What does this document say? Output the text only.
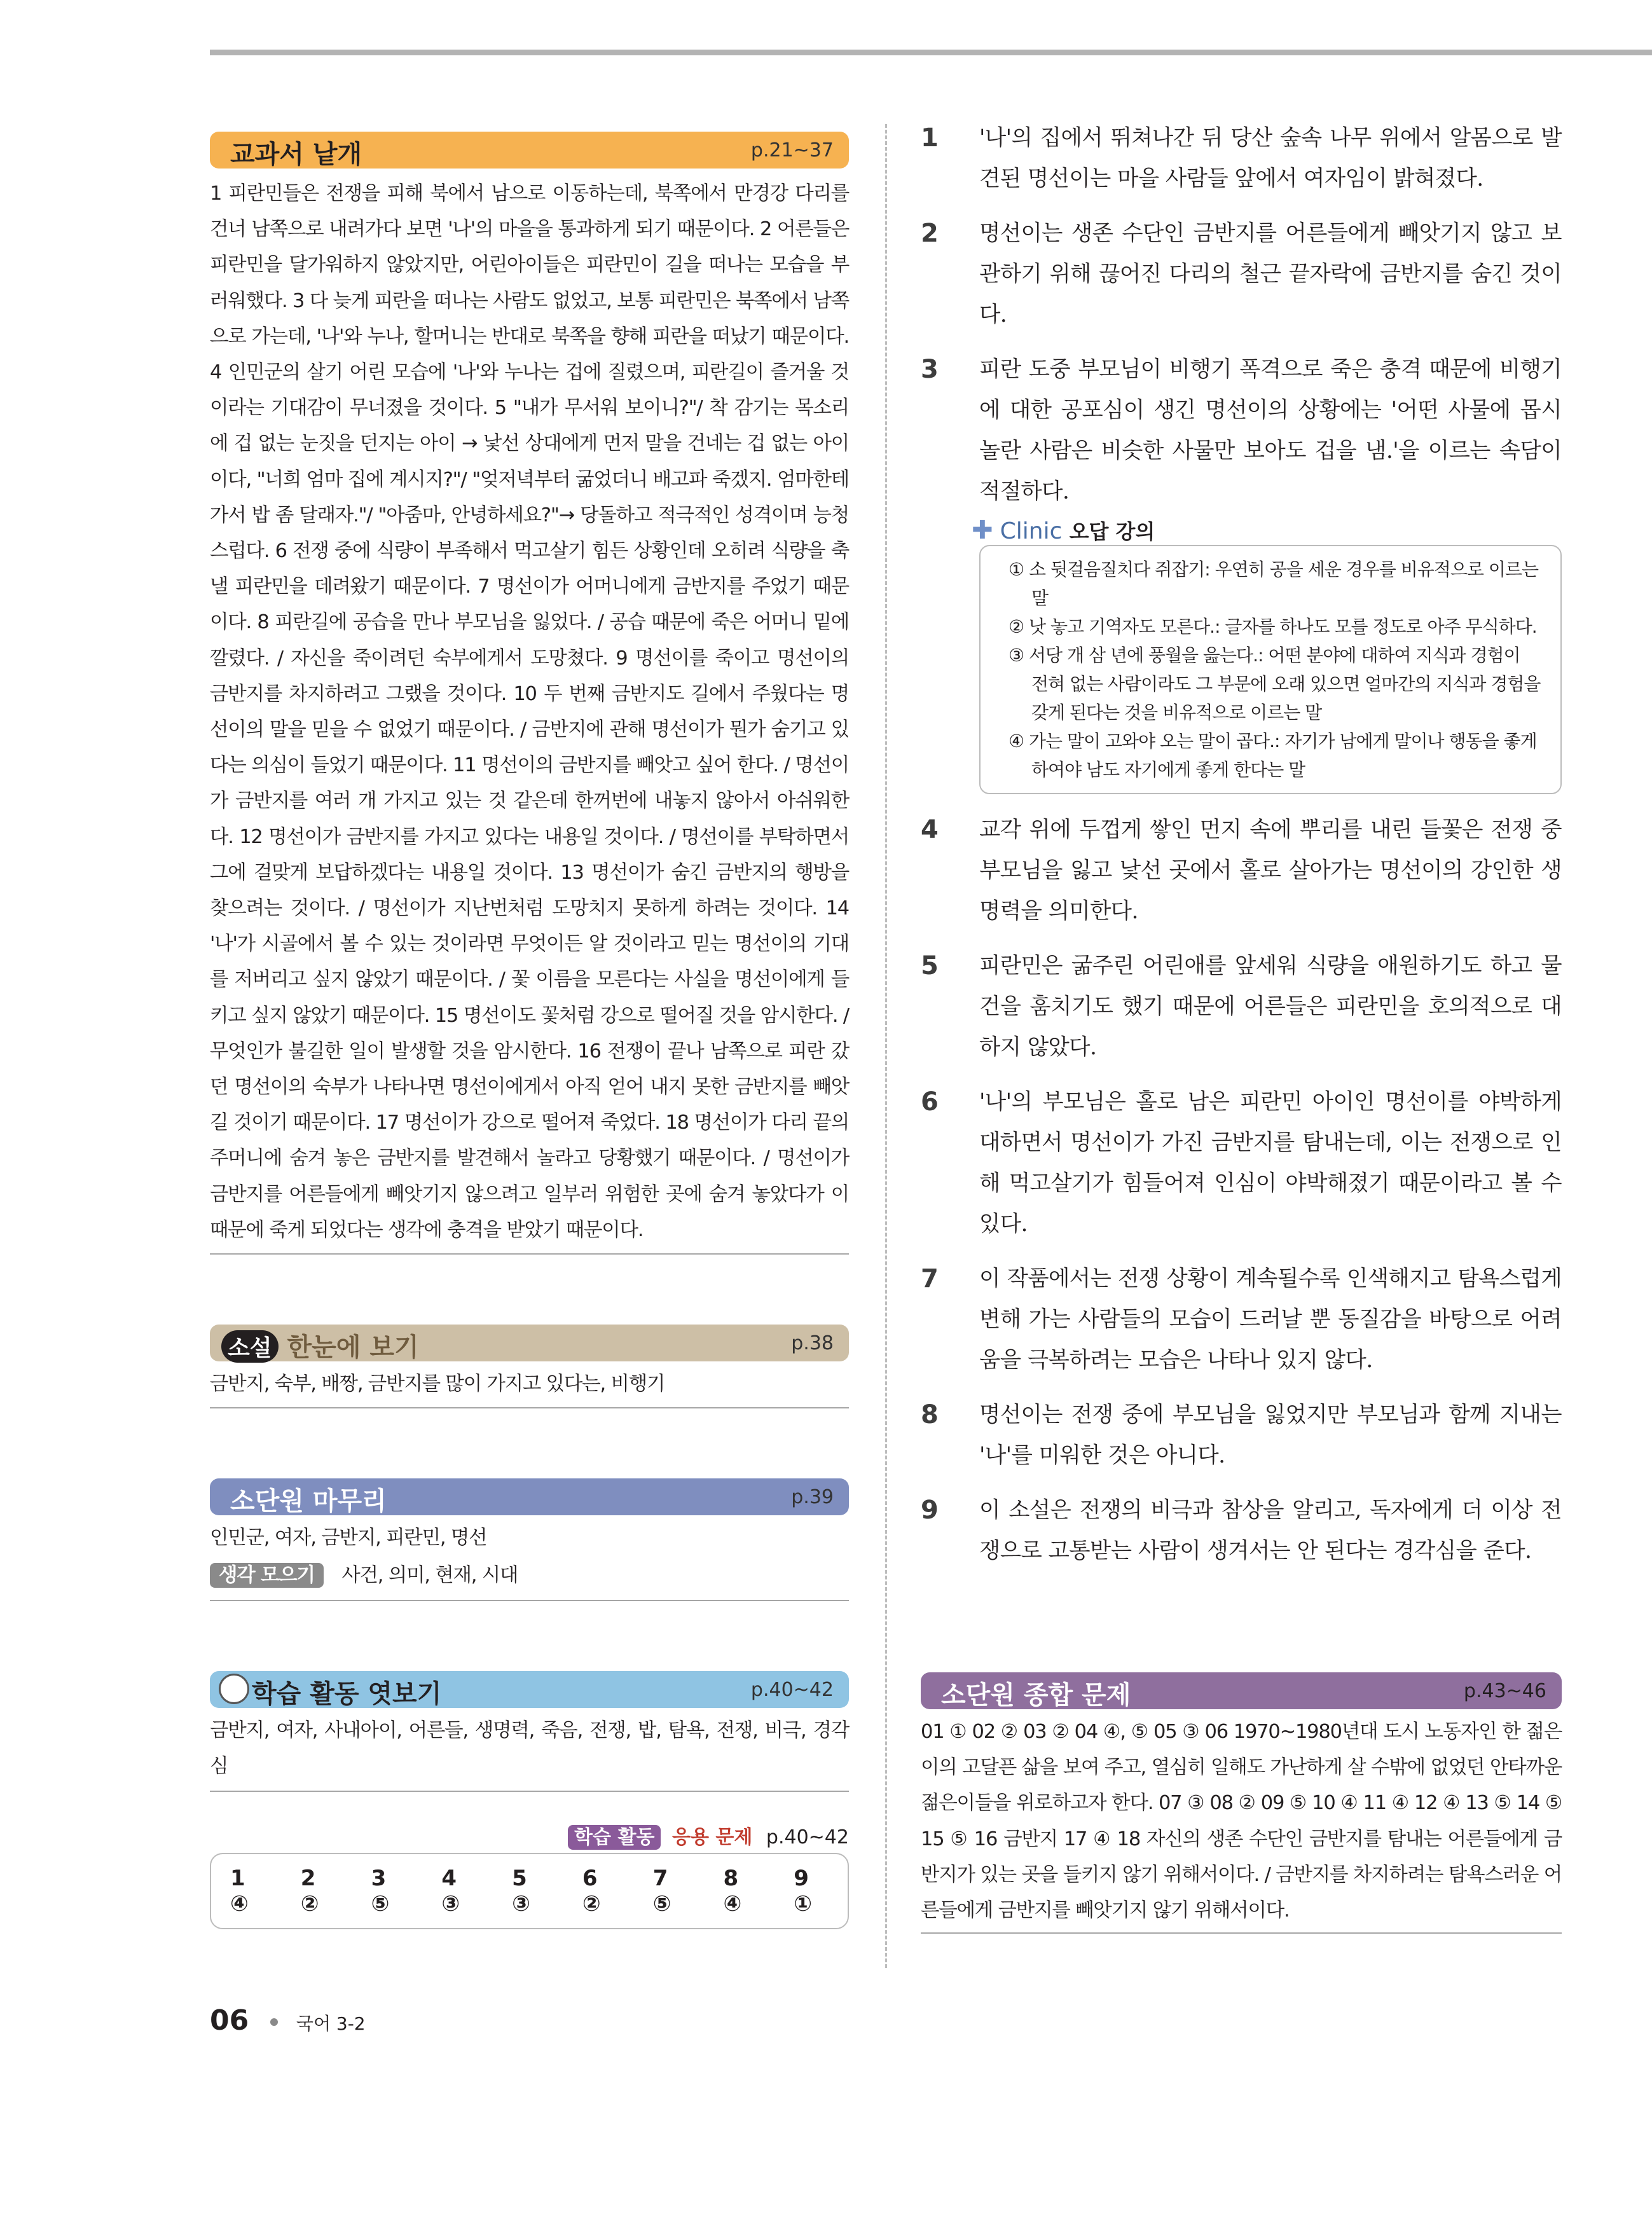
교과서 낱개	p.21~37
1 피란민들은 전쟁을 피해 북에서 남으로 이동하는데, 북쪽에서 만경강 다리를 건너 남쪽으로 내려가다 보면 '나'의 마을을 통과하게 되기 때문이다. 2 어른들은 피란민을 달가워하지 않았지만, 어린아이들은 피란민이 길을 떠나는 모습을 부러워했다. 3 다 늦게 피란을 떠나는 사람도 없었고, 보통 피란민은 북쪽에서 남쪽으로 가는데, '나'와 누나, 할머니는 반대로 북쪽을 향해 피란을 떠났기 때문이다. 4 인민군의 살기 어린 모습에 '나'와 누나는 겁에 질렸으며, 피란길이 즐거울 것이라는 기대감이 무너졌을 것이다. 5 "내가 무서워 보이니?"/ 착 감기는 목소리에 겁 없는 눈짓을 던지는 아이 → 낯선 상대에게 먼저 말을 건네는 겁 없는 아이이다, "너희 엄마 집에 계시지?"/ "엊저녁부터 굶었더니 배고파 죽겠지. 엄마한테 가서 밥 좀 달래자."/ "아줌마, 안녕하세요?"→ 당돌하고 적극적인 성격이며 능청스럽다. 6 전쟁 중에 식량이 부족해서 먹고살기 힘든 상황인데 오히려 식량을 축낼 피란민을 데려왔기 때문이다. 7 명선이가 어머니에게 금반지를 주었기 때문이다. 8 피란길에 공습을 만나 부모님을 잃었다. / 공습 때문에 죽은 어머니 밑에 깔렸다. / 자신을 죽이려던 숙부에게서 도망쳤다. 9 명선이를 죽이고 명선이의 금반지를 차지하려고 그랬을 것이다. 10 두 번째 금반지도 길에서 주웠다는 명선이의 말을 믿을 수 없었기 때문이다. / 금반지에 관해 명선이가 뭔가 숨기고 있다는 의심이 들었기 때문이다. 11 명선이의 금반지를 빼앗고 싶어 한다. / 명선이가 금반지를 여러 개 가지고 있는 것 같은데 한꺼번에 내놓지 않아서 아쉬워한다. 12 명선이가 금반지를 가지고 있다는 내용일 것이다. / 명선이를 부탁하면서 그에 걸맞게 보답하겠다는 내용일 것이다. 13 명선이가 숨긴 금반지의 행방을 찾으려는 것이다. / 명선이가 지난번처럼 도망치지 못하게 하려는 것이다. 14 '나'가 시골에서 볼 수 있는 것이라면 무엇이든 알 것이라고 믿는 명선이의 기대를 저버리고 싶지 않았기 때문이다. / 꽃 이름을 모른다는 사실을 명선이에게 들키고 싶지 않았기 때문이다. 15 명선이도 꽃처럼 강으로 떨어질 것을 암시한다. / 무엇인가 불길한 일이 발생할 것을 암시한다. 16 전쟁이 끝나 남쪽으로 피란 갔던 명선이의 숙부가 나타나면 명선이에게서 아직 얻어 내지 못한 금반지를 빼앗길 것이기 때문이다. 17 명선이가 강으로 떨어져 죽었다. 18 명선이가 다리 끝의 주머니에 숨겨 놓은 금반지를 발견해서 놀라고 당황했기 때문이다. / 명선이가 금반지를 어른들에게 빼앗기지 않으려고 일부러 위험한 곳에 숨겨 놓았다가 이 때문에 죽게 되었다는 생각에 충격을 받았기 때문이다.
소설 한눈에 보기	p.38
금반지, 숙부, 배짱, 금반지를 많이 가지고 있다는, 비행기
소단원 마무리	p.39
인민군, 여자, 금반지, 피란민, 명선
생각 모으기 사건, 의미, 현재, 시대
학습 활동 엿보기	p.40~42
금반지, 여자, 사내아이, 어른들, 생명력, 죽음, 전쟁, 밥, 탐욕, 전쟁, 비극, 경각심
학습 활동 응용 문제 p.40~42
1 ④
2 ②
3 ⑤
4 ③
5 ③
6 ②
7 ⑤
8 ④
9 ①
1	'나'의 집에서 뛰쳐나간 뒤 당산 숲속 나무 위에서 알몸으로 발견된 명선이는 마을 사람들 앞에서 여자임이 밝혀졌다.
2	명선이는 생존 수단인 금반지를 어른들에게 빼앗기지 않고 보관하기 위해 끊어진 다리의 철근 끝자락에 금반지를 숨긴 것이다.
3	피란 도중 부모님이 비행기 폭격으로 죽은 충격 때문에 비행기에 대한 공포심이 생긴 명선이의 상황에는 '어떤 사물에 몹시 놀란 사람은 비슷한 사물만 보아도 겁을 냄.'을 이르는 속담이 적절하다.
✚ Clinic 오답 강의
① 소 뒷걸음질치다 쥐잡기: 우연히 공을 세운 경우를 비유적으로 이르는 말
② 낫 놓고 기역자도 모른다.: 글자를 하나도 모를 정도로 아주 무식하다.
③ 서당 개 삼 년에 풍월을 읊는다.: 어떤 분야에 대하여 지식과 경험이 전혀 없는 사람이라도 그 부문에 오래 있으면 얼마간의 지식과 경험을 갖게 된다는 것을 비유적으로 이르는 말
④ 가는 말이 고와야 오는 말이 곱다.: 자기가 남에게 말이나 행동을 좋게 하여야 남도 자기에게 좋게 한다는 말
4	교각 위에 두껍게 쌓인 먼지 속에 뿌리를 내린 들꽃은 전쟁 중 부모님을 잃고 낯선 곳에서 홀로 살아가는 명선이의 강인한 생명력을 의미한다.
5	피란민은 굶주린 어린애를 앞세워 식량을 애원하기도 하고 물건을 훔치기도 했기 때문에 어른들은 피란민을 호의적으로 대하지 않았다.
6	'나'의 부모님은 홀로 남은 피란민 아이인 명선이를 야박하게 대하면서 명선이가 가진 금반지를 탐내는데, 이는 전쟁으로 인해 먹고살기가 힘들어져 인심이 야박해졌기 때문이라고 볼 수 있다.
7	이 작품에서는 전쟁 상황이 계속될수록 인색해지고 탐욕스럽게 변해 가는 사람들의 모습이 드러날 뿐 동질감을 바탕으로 어려움을 극복하려는 모습은 나타나 있지 않다.
8	명선이는 전쟁 중에 부모님을 잃었지만 부모님과 함께 지내는 '나'를 미워한 것은 아니다.
9	이 소설은 전쟁의 비극과 참상을 알리고, 독자에게 더 이상 전쟁으로 고통받는 사람이 생겨서는 안 된다는 경각심을 준다.
소단원 종합 문제	p.43~46
01 ① 02 ② 03 ② 04 ④, ⑤ 05 ③ 06 1970~1980년대 도시 노동자인 한 젊은이의 고달픈 삶을 보여 주고, 열심히 일해도 가난하게 살 수밖에 없었던 안타까운 젊은이들을 위로하고자 한다. 07 ③ 08 ② 09 ⑤ 10 ④ 11 ④ 12 ④ 13 ⑤ 14 ⑤ 15 ⑤ 16 금반지 17 ④ 18 자신의 생존 수단인 금반지를 탐내는 어른들에게 금반지가 있는 곳을 들키지 않기 위해서이다. / 금반지를 차지하려는 탐욕스러운 어른들에게 금반지를 빼앗기지 않기 위해서이다.
06	국어 3-2
